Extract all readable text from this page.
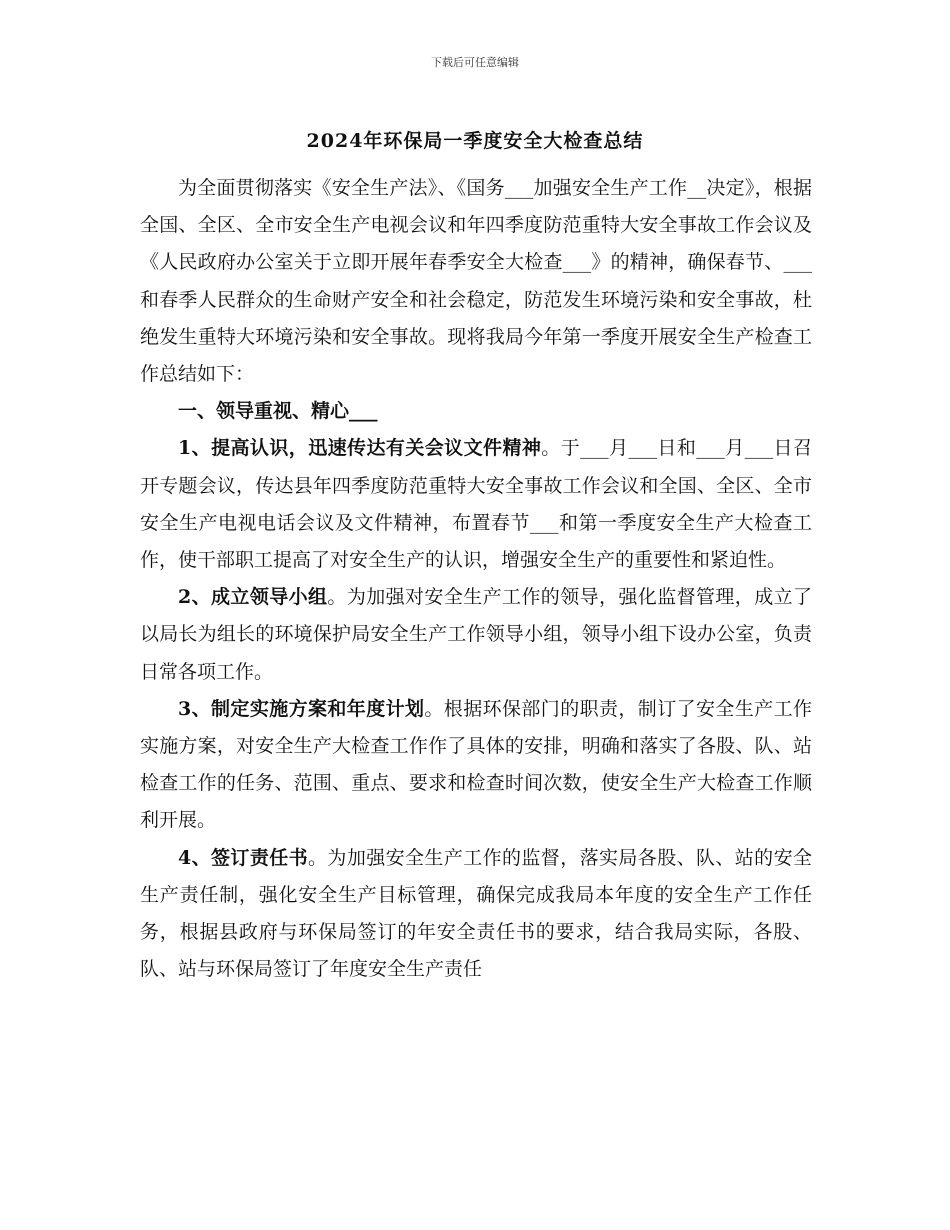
下载后可任意编辑
2024年环保局一季度安全大检查总结

为全面贯彻落实《安全生产法》、《国务___加强安全生产工作__决定》，根据全国、全区、全市安全生产电视会议和年四季度防范重特大安全事故工作会议及《人民政府办公室关于立即开展年春季安全大检查___》的精神，确保春节、___和春季人民群众的生命财产安全和社会稳定，防范发生环境污染和安全事故，杜绝发生重特大环境污染和安全事故。现将我局今年第一季度开展安全生产检查工作总结如下：

一、领导重视、精心___

1、提高认识，迅速传达有关会议文件精神。于___月___日和___月___日召开专题会议，传达县年四季度防范重特大安全事故工作会议和全国、全区、全市安全生产电视电话会议及文件精神，布置春节___和第一季度安全生产大检查工作，使干部职工提高了对安全生产的认识，增强安全生产的重要性和紧迫性。

2、成立领导小组。为加强对安全生产工作的领导，强化监督管理，成立了以局长为组长的环境保护局安全生产工作领导小组，领导小组下设办公室，负责日常各项工作。

3、制定实施方案和年度计划。根据环保部门的职责，制订了安全生产工作实施方案，对安全生产大检查工作作了具体的安排，明确和落实了各股、队、站检查工作的任务、范围、重点、要求和检查时间次数，使安全生产大检查工作顺利开展。

4、签订责任书。为加强安全生产工作的监督，落实局各股、队、站的安全生产责任制，强化安全生产目标管理，确保完成我局本年度的安全生产工作任务，根据县政府与环保局签订的年安全责任书的要求，结合我局实际，各股、队、站与环保局签订了年度安全生产责任
